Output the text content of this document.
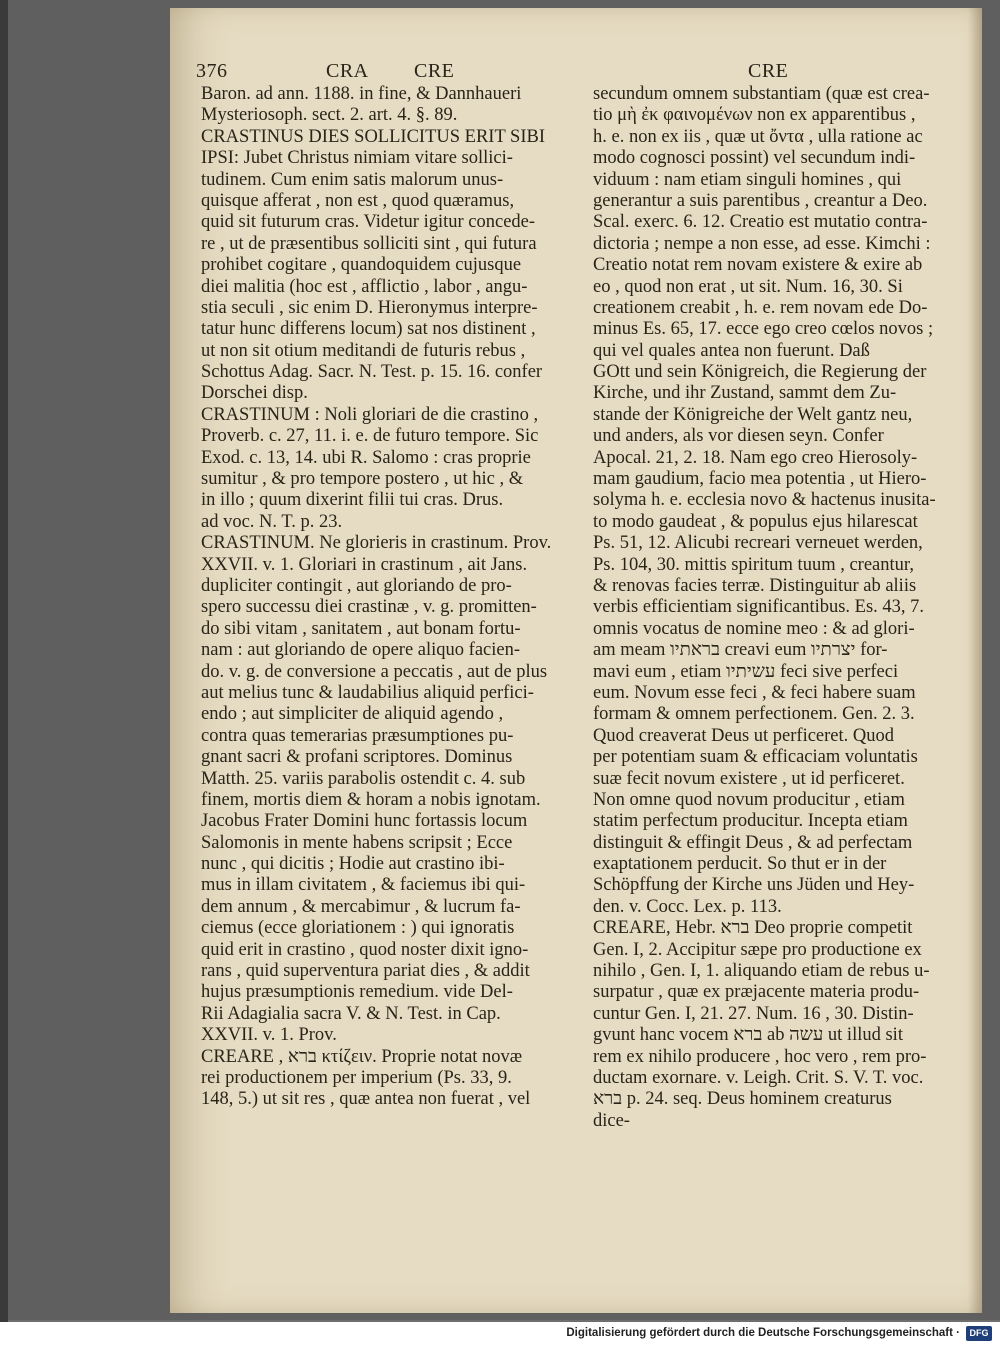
376	CRA CRE	CRE
Baron. ad ann. 1188. in fine, & Dannhaueri
Mysteriosoph. sect. 2. art. 4. §. 89.
CRASTINUS DIES SOLLICITUS ERIT SIBI
IPSI: Jubet Christus nimiam vitare sollici-
tudinem. Cum enim satis malorum unus-
quisque afferat , non est , quod quæramus,
quid sit futurum cras. Videtur igitur concede-
re , ut de præsentibus solliciti sint , qui futura
prohibet cogitare , quandoquidem cujusque
diei malitia (hoc est , afflictio , labor , angu-
stia seculi , sic enim D. Hieronymus interpre-
tatur hunc differens locum) sat nos distinent ,
ut non sit otium meditandi de futuris rebus ,
Schottus Adag. Sacr. N. Test. p. 15. 16. confer
Dorschei disp.
CRASTINUM : Noli gloriari de die crastino ,
Proverb. c. 27, 11. i. e. de futuro tempore. Sic
Exod. c. 13, 14. ubi R. Salomo : cras proprie
sumitur , & pro tempore postero , ut hic , &
in illo ; quum dixerint filii tui cras. Drus.
ad voc. N. T. p. 23.
CRASTINUM. Ne glorieris in crastinum. Prov.
XXVII. v. 1. Gloriari in crastinum , ait Jans.
dupliciter contingit , aut gloriando de pro-
spero successu diei crastinæ , v. g. promitten-
do sibi vitam , sanitatem , aut bonam fortu-
nam : aut gloriando de opere aliquo facien-
do. v. g. de conversione a peccatis , aut de plus
aut melius tunc & laudabilius aliquid perfici-
endo ; aut simpliciter de aliquid agendo ,
contra quas temerarias præsumptiones pu-
gnant sacri & profani scriptores. Dominus
Matth. 25. variis parabolis ostendit c. 4. sub
finem, mortis diem & horam a nobis ignotam.
Jacobus Frater Domini hunc fortassis locum
Salomonis in mente habens scripsit ; Ecce
nunc , qui dicitis ; Hodie aut crastino ibi-
mus in illam civitatem , & faciemus ibi qui-
dem annum , & mercabimur , & lucrum fa-
ciemus (ecce gloriationem : ) qui ignoratis
quid erit in crastino , quod noster dixit igno-
rans , quid superventura pariat dies , & addit
hujus præsumptionis remedium. vide Del-
Rii Adagialia sacra V. & N. Test. in Cap.
XXVII. v. 1. Prov.
CREARE , ברא κτίζειν. Proprie notat novæ
rei productionem per imperium (Ps. 33, 9.
148, 5.) ut sit res , quæ antea non fuerat , vel
secundum omnem substantiam (quæ est crea-
tio μὴ ἐκ φαινομένων non ex apparentibus ,
h. e. non ex iis , quæ ut ὄντα , ulla ratione ac
modo cognosci possint) vel secundum indi-
viduum : nam etiam singuli homines , qui
generantur a suis parentibus , creantur a Deo.
Scal. exerc. 6. 12. Creatio est mutatio contra-
dictoria ; nempe a non esse, ad esse. Kimchi :
Creatio notat rem novam existere & exire ab
eo , quod non erat , ut sit. Num. 16, 30. Si
creationem creabit , h. e. rem novam ede Do-
minus Es. 65, 17. ecce ego creo cœlos novos ;
qui vel quales antea non fuerunt. Daß
GOtt und sein Königreich, die Regierung der
Kirche, und ihr Zustand, sammt dem Zu-
stande der Königreiche der Welt gantz neu,
und anders, als vor diesen seyn. Confer
Apocal. 21, 2. 18. Nam ego creo Hierosoly-
mam gaudium, facio mea potentia , ut Hiero-
solyma h. e. ecclesia novo & hactenus inusita-
to modo gaudeat , & populus ejus hilarescat
Ps. 51, 12. Alicubi recreari verneuet werden,
Ps. 104, 30. mittis spiritum tuum , creantur,
& renovas facies terræ. Distinguitur ab aliis
verbis efficientiam significantibus. Es. 43, 7.
omnis vocatus de nomine meo : & ad glori-
am meam בראתיו creavi eum יצרתיו for-
mavi eum , etiam עשיתיו feci sive perfeci
eum. Novum esse feci , & feci habere suam
formam & omnem perfectionem. Gen. 2. 3.
Quod creaverat Deus ut perficeret. Quod
per potentiam suam & efficaciam voluntatis
suæ fecit novum existere , ut id perficeret.
Non omne quod novum producitur , etiam
statim perfectum producitur. Incepta etiam
distinguit & effingit Deus , & ad perfectam
exaptationem perducit. So thut er in der
Schöpffung der Kirche uns Jüden und Hey-
den. v. Cocc. Lex. p. 113.
CREARE, Hebr. ברא Deo proprie competit
Gen. I, 2. Accipitur sæpe pro productione ex
nihilo , Gen. I, 1. aliquando etiam de rebus u-
surpatur , quæ ex præjacente materia produ-
cuntur Gen. I, 21. 27. Num. 16 , 30. Distin-
gvunt hanc vocem ברא ab עשה ut illud sit
rem ex nihilo producere , hoc vero , rem pro-
ductam exornare. v. Leigh. Crit. S. V. T. voc.
ברא p. 24. seq. Deus hominem creaturus
dice-
Digitalisierung gefördert durch die Deutsche Forschungsgemeinschaft ·	DFG
